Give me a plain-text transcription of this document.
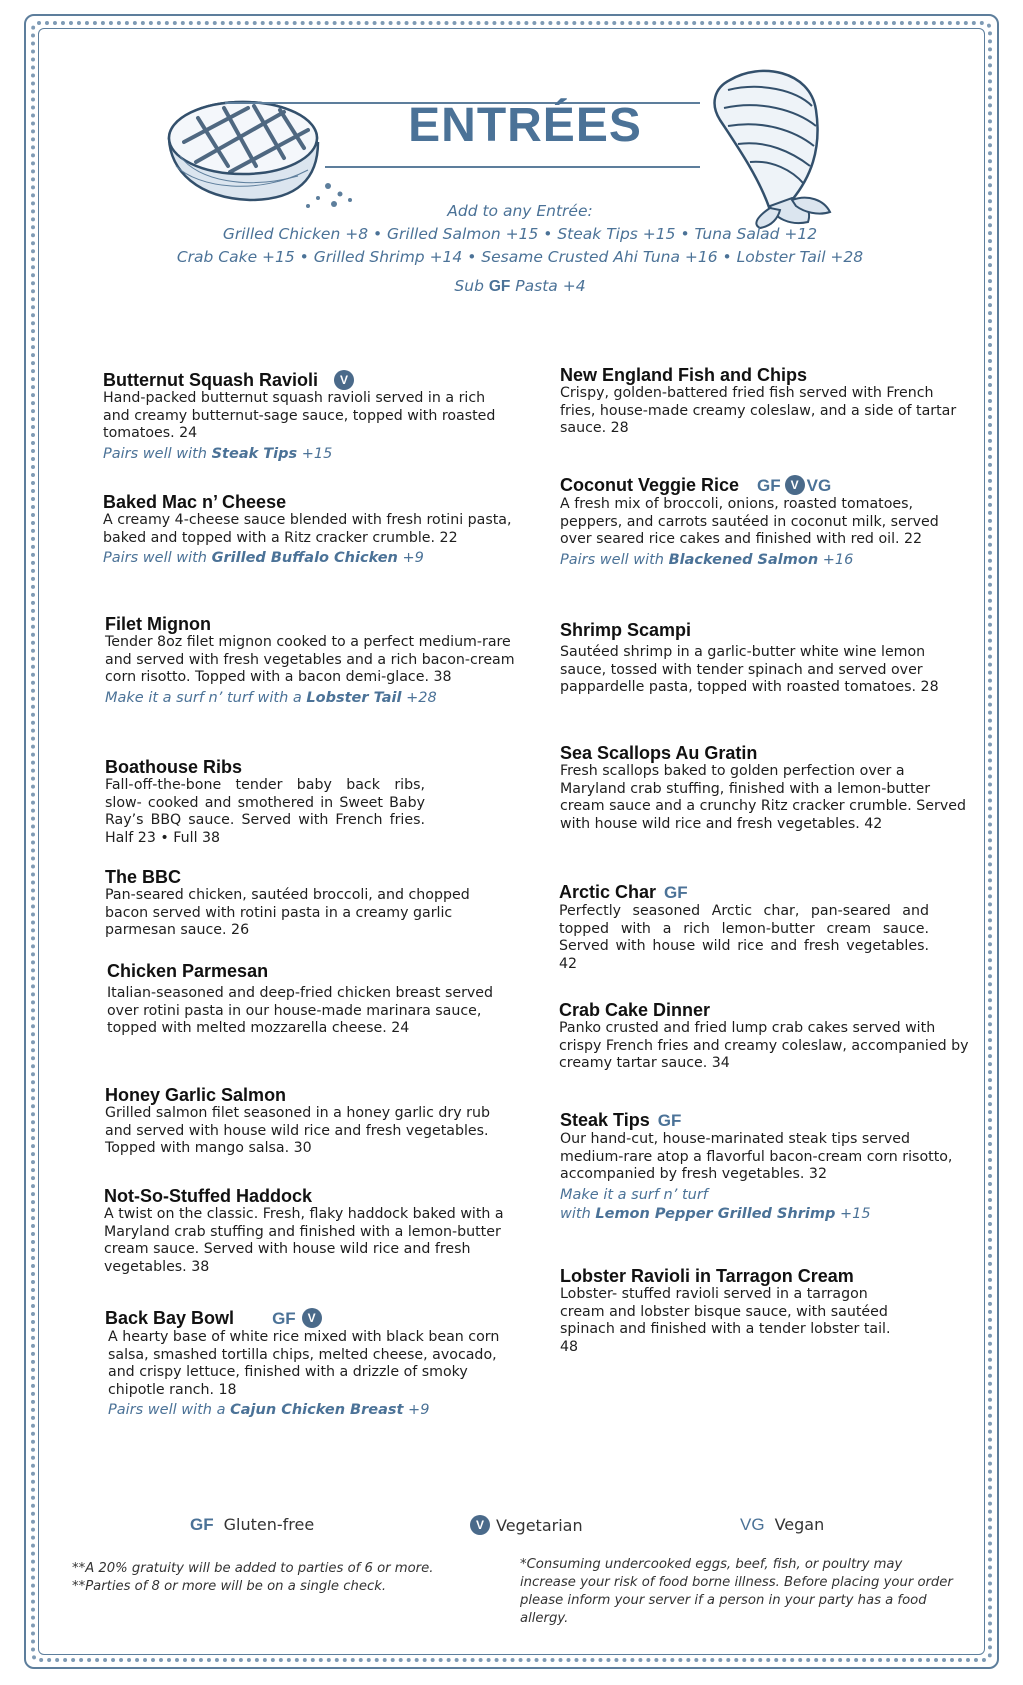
ENTRÉES
Add to any Entrée:
Grilled Chicken +8 • Grilled Salmon +15 • Steak Tips +15 • Tuna Salad +12
Crab Cake +15 • Grilled Shrimp +14 • Sesame Crusted Ahi Tuna +16 • Lobster Tail +28
Sub GF Pasta +4
Butternut Squash Ravioli V
Hand-packed butternut squash ravioli served in a rich and creamy butternut-sage sauce, topped with roasted tomatoes. 24
Pairs well with Steak Tips +15
Baked Mac n’ Cheese
A creamy 4-cheese sauce blended with fresh rotini pasta, baked and topped with a Ritz cracker crumble. 22
Pairs well with Grilled Buffalo Chicken +9
Filet Mignon
Tender 8oz filet mignon cooked to a perfect medium-rare and served with fresh vegetables and a rich bacon-cream corn risotto. Topped with a bacon demi-glace. 38
Make it a surf n’ turf with a Lobster Tail +28
Boathouse Ribs
Fall-off-the-bone tender baby back ribs, slow- cooked and smothered in Sweet Baby Ray’s BBQ sauce. Served with French fries. Half 23 • Full 38
The BBC
Pan-seared chicken, sautéed broccoli, and chopped bacon served with rotini pasta in a creamy garlic parmesan sauce. 26
Chicken Parmesan
Italian-seasoned and deep-fried chicken breast served over rotini pasta in our house-made marinara sauce, topped with melted mozzarella cheese. 24
Honey Garlic Salmon
Grilled salmon filet seasoned in a honey garlic dry rub and served with house wild rice and fresh vegetables. Topped with mango salsa. 30
Not-So-Stuffed Haddock
A twist on the classic. Fresh, flaky haddock baked with a Maryland crab stuffing and finished with a lemon-butter cream sauce. Served with house wild rice and fresh vegetables. 38
Back Bay Bowl GF V
A hearty base of white rice mixed with black bean corn salsa, smashed tortilla chips, melted cheese, avocado, and crispy lettuce, finished with a drizzle of smoky chipotle ranch. 18
Pairs well with a Cajun Chicken Breast +9
New England Fish and Chips
Crispy, golden-battered fried fish served with French fries, house-made creamy coleslaw, and a side of tartar sauce. 28
Coconut Veggie Rice GF V VG
A fresh mix of broccoli, onions, roasted tomatoes, peppers, and carrots sautéed in coconut milk, served over seared rice cakes and finished with red oil. 22
Pairs well with Blackened Salmon +16
Shrimp Scampi
Sautéed shrimp in a garlic-butter white wine lemon sauce, tossed with tender spinach and served over pappardelle pasta, topped with roasted tomatoes. 28
Sea Scallops Au Gratin
Fresh scallops baked to golden perfection over a Maryland crab stuffing, finished with a lemon-butter cream sauce and a crunchy Ritz cracker crumble. Served with house wild rice and fresh vegetables. 42
Arctic Char GF
Perfectly seasoned Arctic char, pan-seared and topped with a rich lemon-butter cream sauce. Served with house wild rice and fresh vegetables. 42
Crab Cake Dinner
Panko crusted and fried lump crab cakes served with crispy French fries and creamy coleslaw, accompanied by creamy tartar sauce. 34
Steak Tips GF
Our hand-cut, house-marinated steak tips served medium-rare atop a flavorful bacon-cream corn risotto, accompanied by fresh vegetables. 32
Make it a surf n’ turf
with Lemon Pepper Grilled Shrimp +15
Lobster Ravioli in Tarragon Cream
Lobster- stuffed ravioli served in a tarragon cream and lobster bisque sauce, with sautéed spinach and finished with a tender lobster tail. 48
GF Gluten-free	V Vegetarian	VG Vegan
**A 20% gratuity will be added to parties of 6 or more.
**Parties of 8 or more will be on a single check.
*Consuming undercooked eggs, beef, fish, or poultry may increase your risk of food borne illness. Before placing your order please inform your server if a person in your party has a food allergy.
